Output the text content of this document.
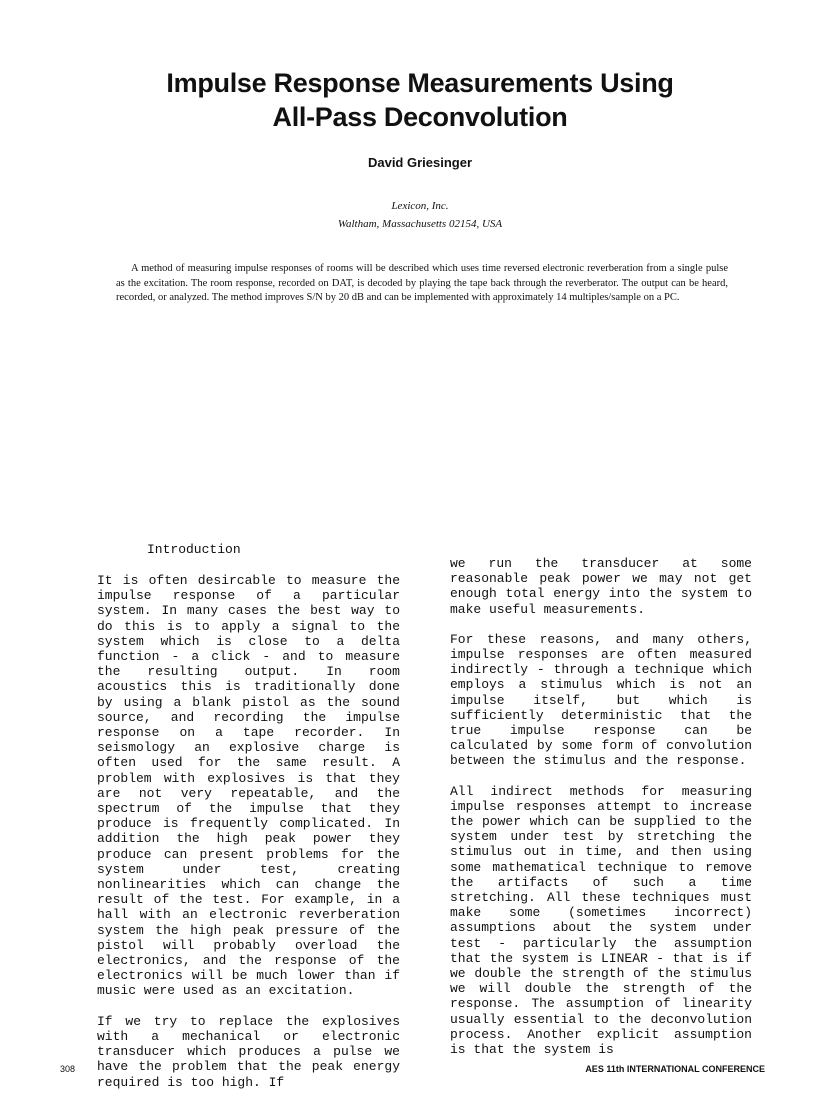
Impulse Response Measurements Using
All-Pass Deconvolution
David Griesinger
Lexicon, Inc.
Waltham, Massachusetts 02154, USA
A method of measuring impulse responses of rooms will be described which uses time reversed electronic reverberation from a single pulse as the excitation. The room response, recorded on DAT, is decoded by playing the tape back through the reverberator. The output can be heard, recorded, or analyzed. The method improves S/N by 20 dB and can be implemented with approximately 14 multiples/sample on a PC.
Introduction

It is often desircable to measure the impulse response of a particular system. In many cases the best way to do this is to apply a signal to the system which is close to a delta function - a click - and to measure the resulting output. In room acoustics this is traditionally done by using a blank pistol as the sound source, and recording the impulse response on a tape recorder. In seismology an explosive charge is often used for the same result. A problem with explosives is that they are not very repeatable, and the spectrum of the impulse that they produce is frequently complicated. In addition the high peak power they produce can present problems for the system under test, creating nonlinearities which can change the result of the test. For example, in a hall with an electronic reverberation system the high peak pressure of the pistol will probably overload the electronics, and the response of the electronics will be much lower than if music were used as an excitation.

If we try to replace the explosives with a mechanical or electronic transducer which produces a pulse we have the problem that the peak energy required is too high. If

we run the transducer at some reasonable peak power we may not get enough total energy into the system to make useful measurements.

For these reasons, and many others, impulse responses are often measured indirectly - through a technique which employs a stimulus which is not an impulse itself, but which is sufficiently deterministic that the true impulse response can be calculated by some form of convolution between the stimulus and the response.

All indirect methods for measuring impulse responses attempt to increase the power which can be supplied to the system under test by stretching the stimulus out in time, and then using some mathematical technique to remove the artifacts of such a time stretching. All these techniques must make some (sometimes incorrect) assumptions about the system under test - particularly the assumption that the system is LINEAR - that is if we double the strength of the stimulus we will double the strength of the response. The assumption of linearity usually essential to the deconvolution process. Another explicit assumption is that the system is

308	AES 11th INTERNATIONAL CONFERENCE
